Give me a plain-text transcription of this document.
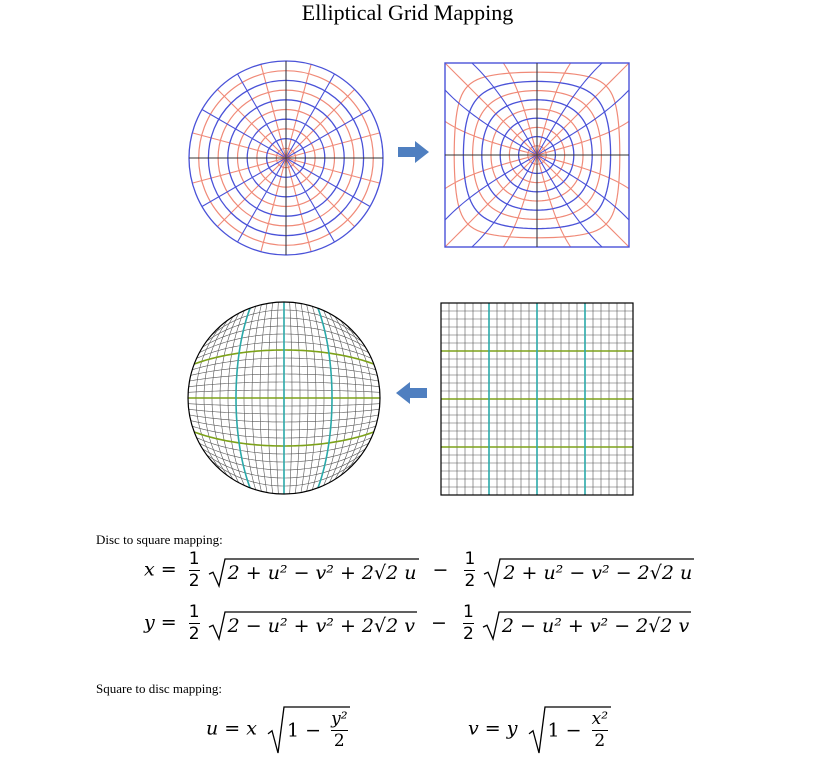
Elliptical Grid Mapping
Disc to square mapping:
$x = \frac{1}{2}$
2 + u² − v² + 2√2 $u - \frac{1}{2}$
2 + u² − v² − 2√2 u
$y = \frac{1}{2}$
2 − u² + v² + 2√2 $v - \frac{1}{2}$
2 − u² + v² − 2√2 v
Square to disc mapping:
u = x $1 - \frac{\text{y²}}{2}$	v = y $1 - \frac{\text{x²}}{2}$
